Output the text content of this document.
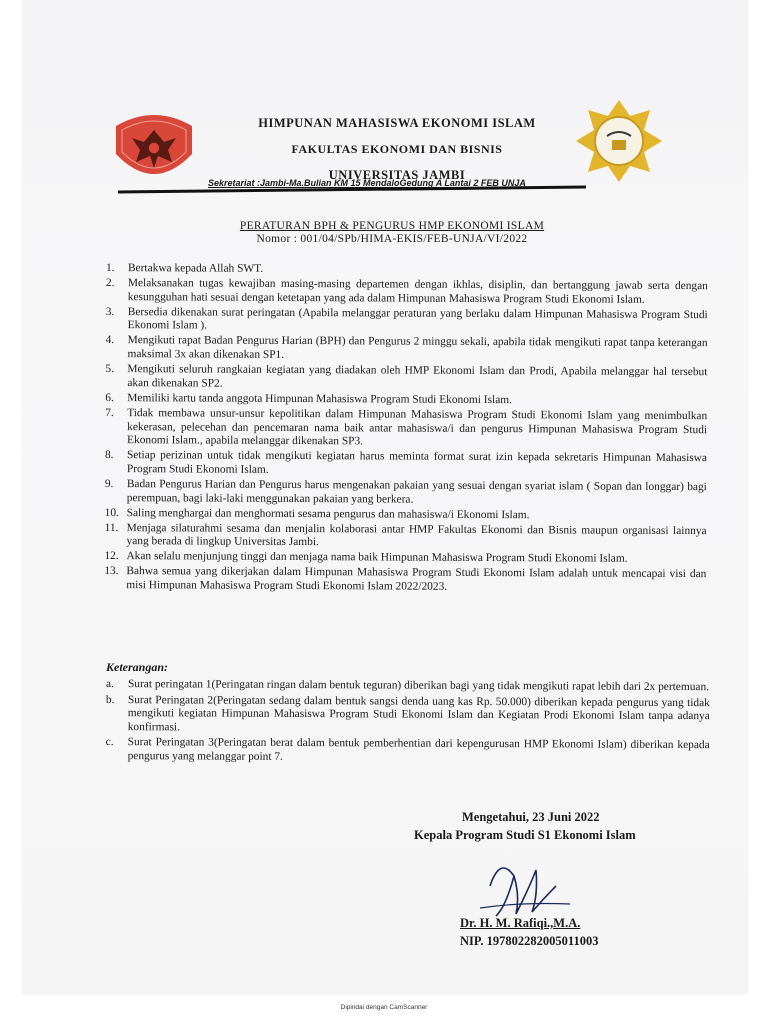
HIMPUNAN MAHASISWA EKONOMI ISLAM
FAKULTAS EKONOMI DAN BISNIS
UNIVERSITAS JAMBI
Sekretariat :Jambi-Ma.Bulian KM 15 MendaloGedung A Lantai 2 FEB UNJA
PERATURAN BPH & PENGURUS HMP EKONOMI ISLAM
Nomor : 001/04/SPb/HIMA-EKIS/FEB-UNJA/VI/2022
1.	Bertakwa kepada Allah SWT.
2.	Melaksanakan tugas kewajiban masing-masing departemen dengan ikhlas, disiplin, dan bertanggung jawab serta dengan kesungguhan hati sesuai dengan ketetapan yang ada dalam Himpunan Mahasiswa Program Studi Ekonomi Islam.
3.	Bersedia dikenakan surat peringatan (Apabila melanggar peraturan yang berlaku dalam Himpunan Mahasiswa Program Studi Ekonomi Islam ).
4.	Mengikuti rapat Badan Pengurus Harian (BPH) dan Pengurus 2 minggu sekali, apabila tidak mengikuti rapat tanpa keterangan maksimal 3x akan dikenakan SP1.
5.	Mengikuti seluruh rangkaian kegiatan yang diadakan oleh HMP Ekonomi Islam dan Prodi, Apabila melanggar hal tersebut akan dikenakan SP2.
6.	Memiliki kartu tanda anggota Himpunan Mahasiswa Program Studi Ekonomi Islam.
7.	Tidak membawa unsur-unsur kepolitikan dalam Himpunan Mahasiswa Program Studi Ekonomi Islam yang menimbulkan kekerasan, pelecehan dan pencemaran nama baik antar mahasiswa/i dan pengurus Himpunan Mahasiswa Program Studi Ekonomi Islam., apabila melanggar dikenakan SP3.
8.	Setiap perizinan untuk tidak mengikuti kegiatan harus meminta format surat izin kepada sekretaris Himpunan Mahasiswa Program Studi Ekonomi Islam.
9.	Badan Pengurus Harian dan Pengurus harus mengenakan pakaian yang sesuai dengan syariat islam ( Sopan dan longgar) bagi perempuan, bagi laki-laki menggunakan pakaian yang berkera.
10. Saling menghargai dan menghormati sesama pengurus dan mahasiswa/i Ekonomi Islam.
11. Menjaga silaturahmi sesama dan menjalin kolaborasi antar HMP Fakultas Ekonomi dan Bisnis maupun organisasi lainnya yang berada di lingkup Universitas Jambi.
12. Akan selalu menjunjung tinggi dan menjaga nama baik Himpunan Mahasiswa Program Studi Ekonomi Islam.
13. Bahwa semua yang dikerjakan dalam Himpunan Mahasiswa Program Studi Ekonomi Islam adalah untuk mencapai visi dan misi Himpunan Mahasiswa Program Studi Ekonomi Islam 2022/2023.
Keterangan:
a.	Surat peringatan 1(Peringatan ringan dalam bentuk teguran) diberikan bagi yang tidak mengikuti rapat lebih dari 2x pertemuan.
b.	Surat Peringatan 2(Peringatan sedang dalam bentuk sangsi denda uang kas Rp. 50.000) diberikan kepada pengurus yang tidak mengikuti kegiatan Himpunan Mahasiswa Program Studi Ekonomi Islam dan Kegiatan Prodi Ekonomi Islam tanpa adanya konfirmasi.
c.	Surat Peringatan 3(Peringatan berat dalam bentuk pemberhentian dari kepengurusan HMP Ekonomi Islam) diberikan kepada pengurus yang melanggar point 7.
Mengetahui, 23 Juni 2022
Kepala Program Studi S1 Ekonomi Islam
Dr. H. M. Rafiqi.,M.A.
NIP. 197802282005011003
Dipindai dengan CamScanner
